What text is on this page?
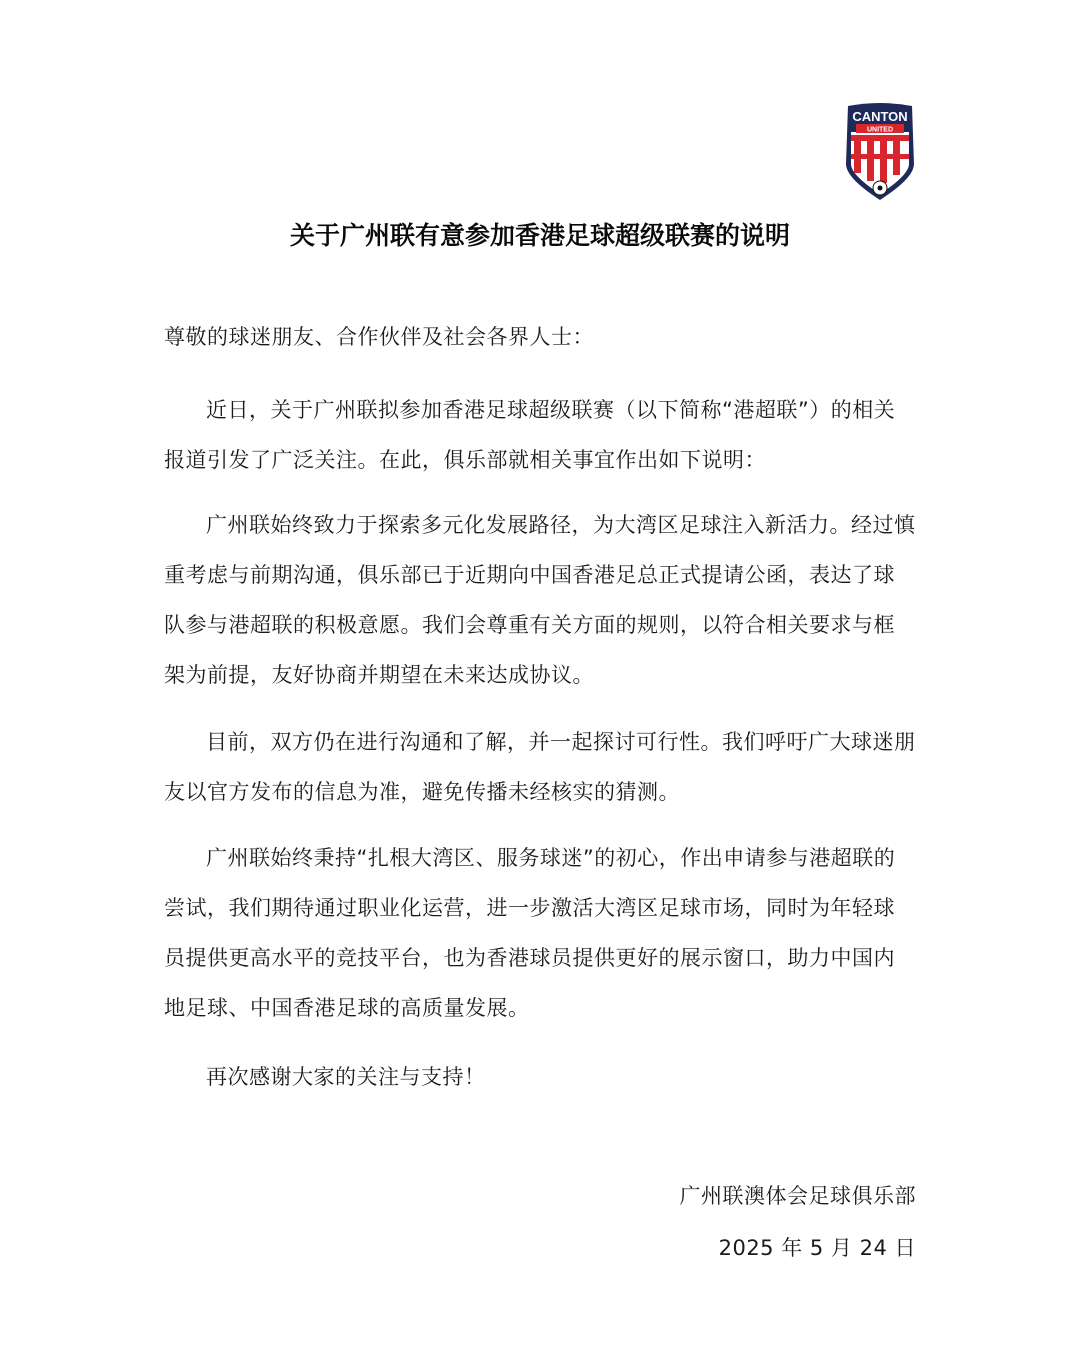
UNITED
CANTON
关于广州联有意参加香港足球超级联赛的说明
尊敬的球迷朋友、合作伙伴及社会各界人士：
近日，关于广州联拟参加香港足球超级联赛（以下简称“港超联”）的相关报道引发了广泛关注。在此，俱乐部就相关事宜作出如下说明：
广州联始终致力于探索多元化发展路径，为大湾区足球注入新活力。经过慎重考虑与前期沟通，俱乐部已于近期向中国香港足总正式提请公函，表达了球队参与港超联的积极意愿。我们会尊重有关方面的规则，以符合相关要求与框架为前提，友好协商并期望在未来达成协议。
目前，双方仍在进行沟通和了解，并一起探讨可行性。我们呼吁广大球迷朋友以官方发布的信息为准，避免传播未经核实的猜测。
广州联始终秉持“扎根大湾区、服务球迷”的初心，作出申请参与港超联的尝试，我们期待通过职业化运营，进一步激活大湾区足球市场，同时为年轻球员提供更高水平的竞技平台，也为香港球员提供更好的展示窗口，助力中国内地足球、中国香港足球的高质量发展。
再次感谢大家的关注与支持！
广州联澳体会足球俱乐部
2025 年 5 月 24 日
